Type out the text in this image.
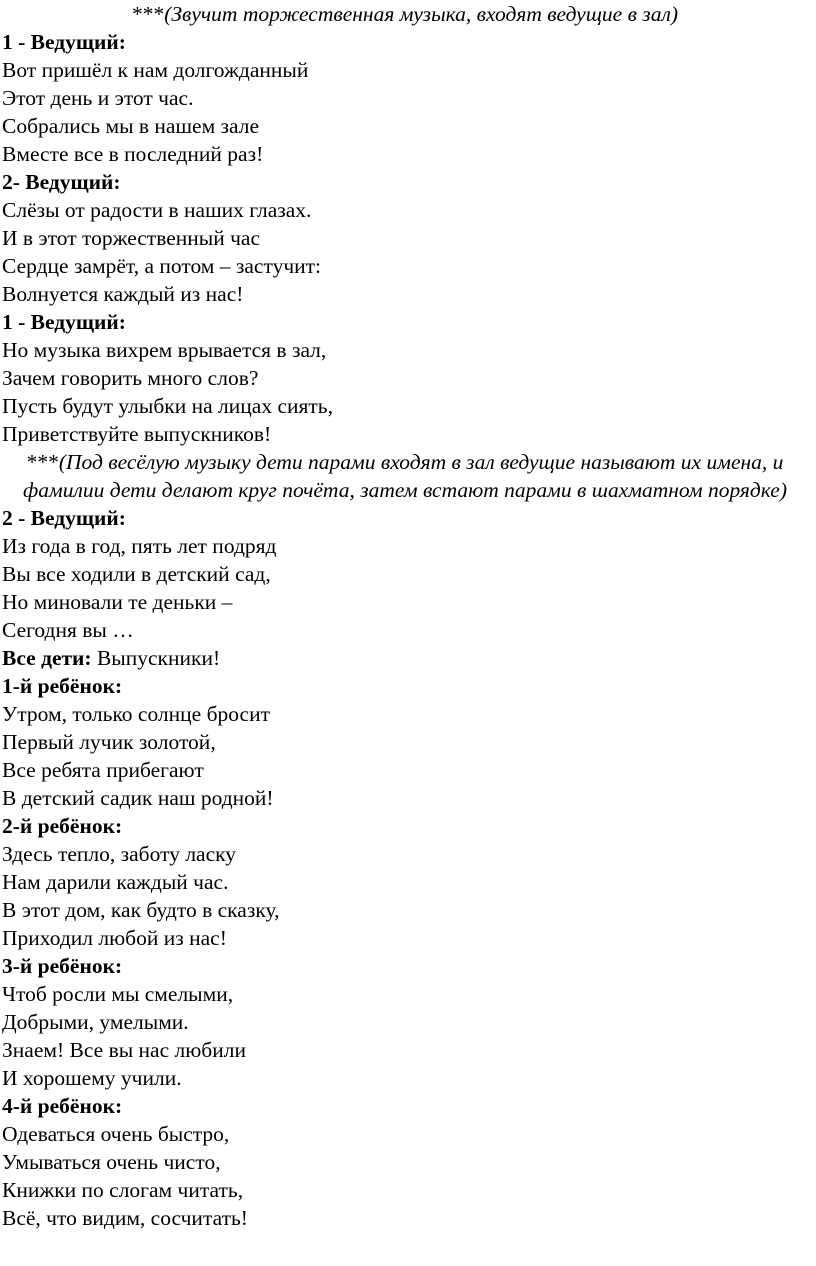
***(Звучит торжественная музыка, входят ведущие в зал)

1 - Ведущий:

Вот пришёл к нам долгожданный

Этот день и этот час.

Собрались мы в нашем зале

Вместе все в последний раз!

2- Ведущий:

Слёзы от радости в наших глазах.

И в этот торжественный час

Сердце замрёт, а потом – застучит:

Волнуется каждый из нас!

1 - Ведущий:

Но музыка вихрем врывается в зал,

Зачем говорить много слов?

Пусть будут улыбки на лицах сиять,

Приветствуйте выпускников!

***(Под весёлую музыку дети парами входят в зал ведущие называют их имена, и фамилии дети делают круг почёта, затем встают парами в шахматном порядке)

2 - Ведущий:

Из года в год, пять лет подряд

Вы все ходили в детский сад,

Но миновали те деньки –

Сегодня вы …

Все дети: Выпускники!

1-й ребёнок:

Утром, только солнце бросит

Первый лучик золотой,

Все ребята прибегают

В детский садик наш родной!

2-й ребёнок:

Здесь тепло, заботу ласку

Нам дарили каждый час.

В этот дом, как будто в сказку,

Приходил любой из нас!

3-й ребёнок:

Чтоб росли мы смелыми,

Добрыми, умелыми.

Знаем! Все вы нас любили

И хорошему учили.

4-й ребёнок:

Одеваться очень быстро,

Умываться очень чисто,

Книжки по слогам читать,

Всё, что видим, сосчитать!
